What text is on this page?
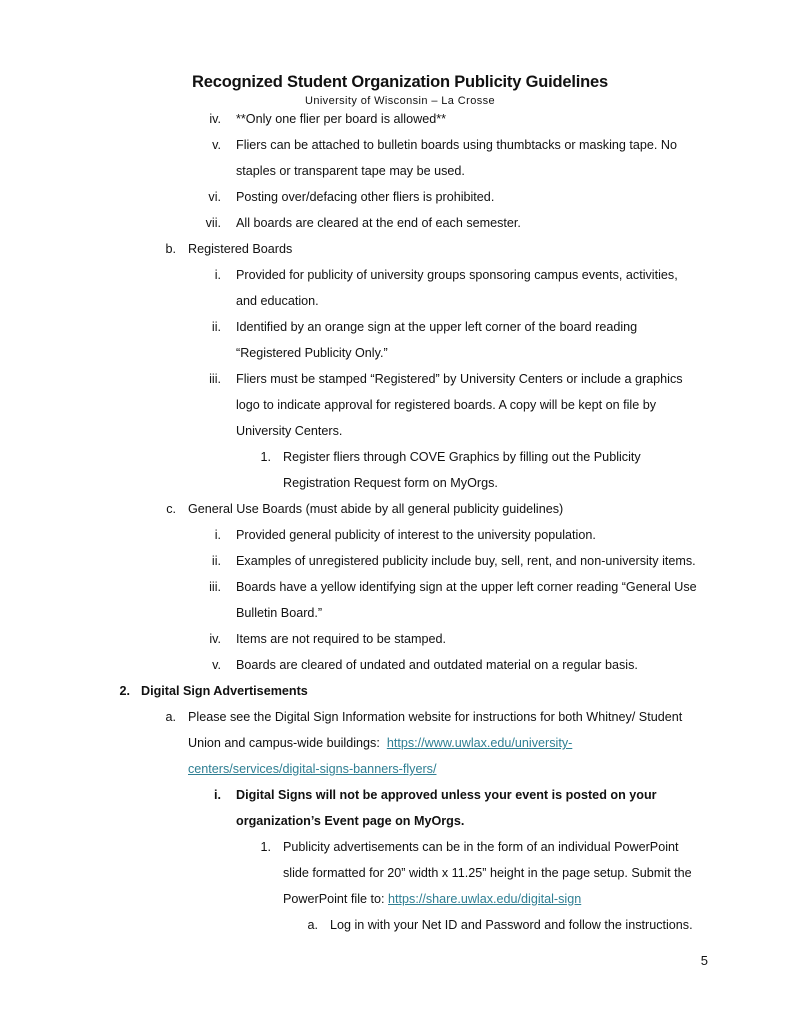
Recognized Student Organization Publicity Guidelines
University of Wisconsin – La Crosse
iv. **Only one flier per board is allowed**
v. Fliers can be attached to bulletin boards using thumbtacks or masking tape. No
staples or transparent tape may be used.
vi. Posting over/defacing other fliers is prohibited.
vii. All boards are cleared at the end of each semester.
b. Registered Boards
i. Provided for publicity of university groups sponsoring campus events, activities,
and education.
ii. Identified by an orange sign at the upper left corner of the board reading
“Registered Publicity Only.”
iii. Fliers must be stamped “Registered” by University Centers or include a graphics
logo to indicate approval for registered boards. A copy will be kept on file by
University Centers.
1. Register fliers through COVE Graphics by filling out the Publicity
Registration Request form on MyOrgs.
c. General Use Boards (must abide by all general publicity guidelines)
i. Provided general publicity of interest to the university population.
ii. Examples of unregistered publicity include buy, sell, rent, and non-university items.
iii. Boards have a yellow identifying sign at the upper left corner reading “General Use
Bulletin Board.”
iv. Items are not required to be stamped.
v. Boards are cleared of undated and outdated material on a regular basis.
2. Digital Sign Advertisements
a. Please see the Digital Sign Information website for instructions for both Whitney/ Student
Union and campus-wide buildings: https://www.uwlax.edu/university-
centers/services/digital-signs-banners-flyers/
i. Digital Signs will not be approved unless your event is posted on your
organization’s Event page on MyOrgs.
1. Publicity advertisements can be in the form of an individual PowerPoint
slide formatted for 20” width x 11.25” height in the page setup. Submit the
PowerPoint file to: https://share.uwlax.edu/digital-sign
a. Log in with your Net ID and Password and follow the instructions.
5
